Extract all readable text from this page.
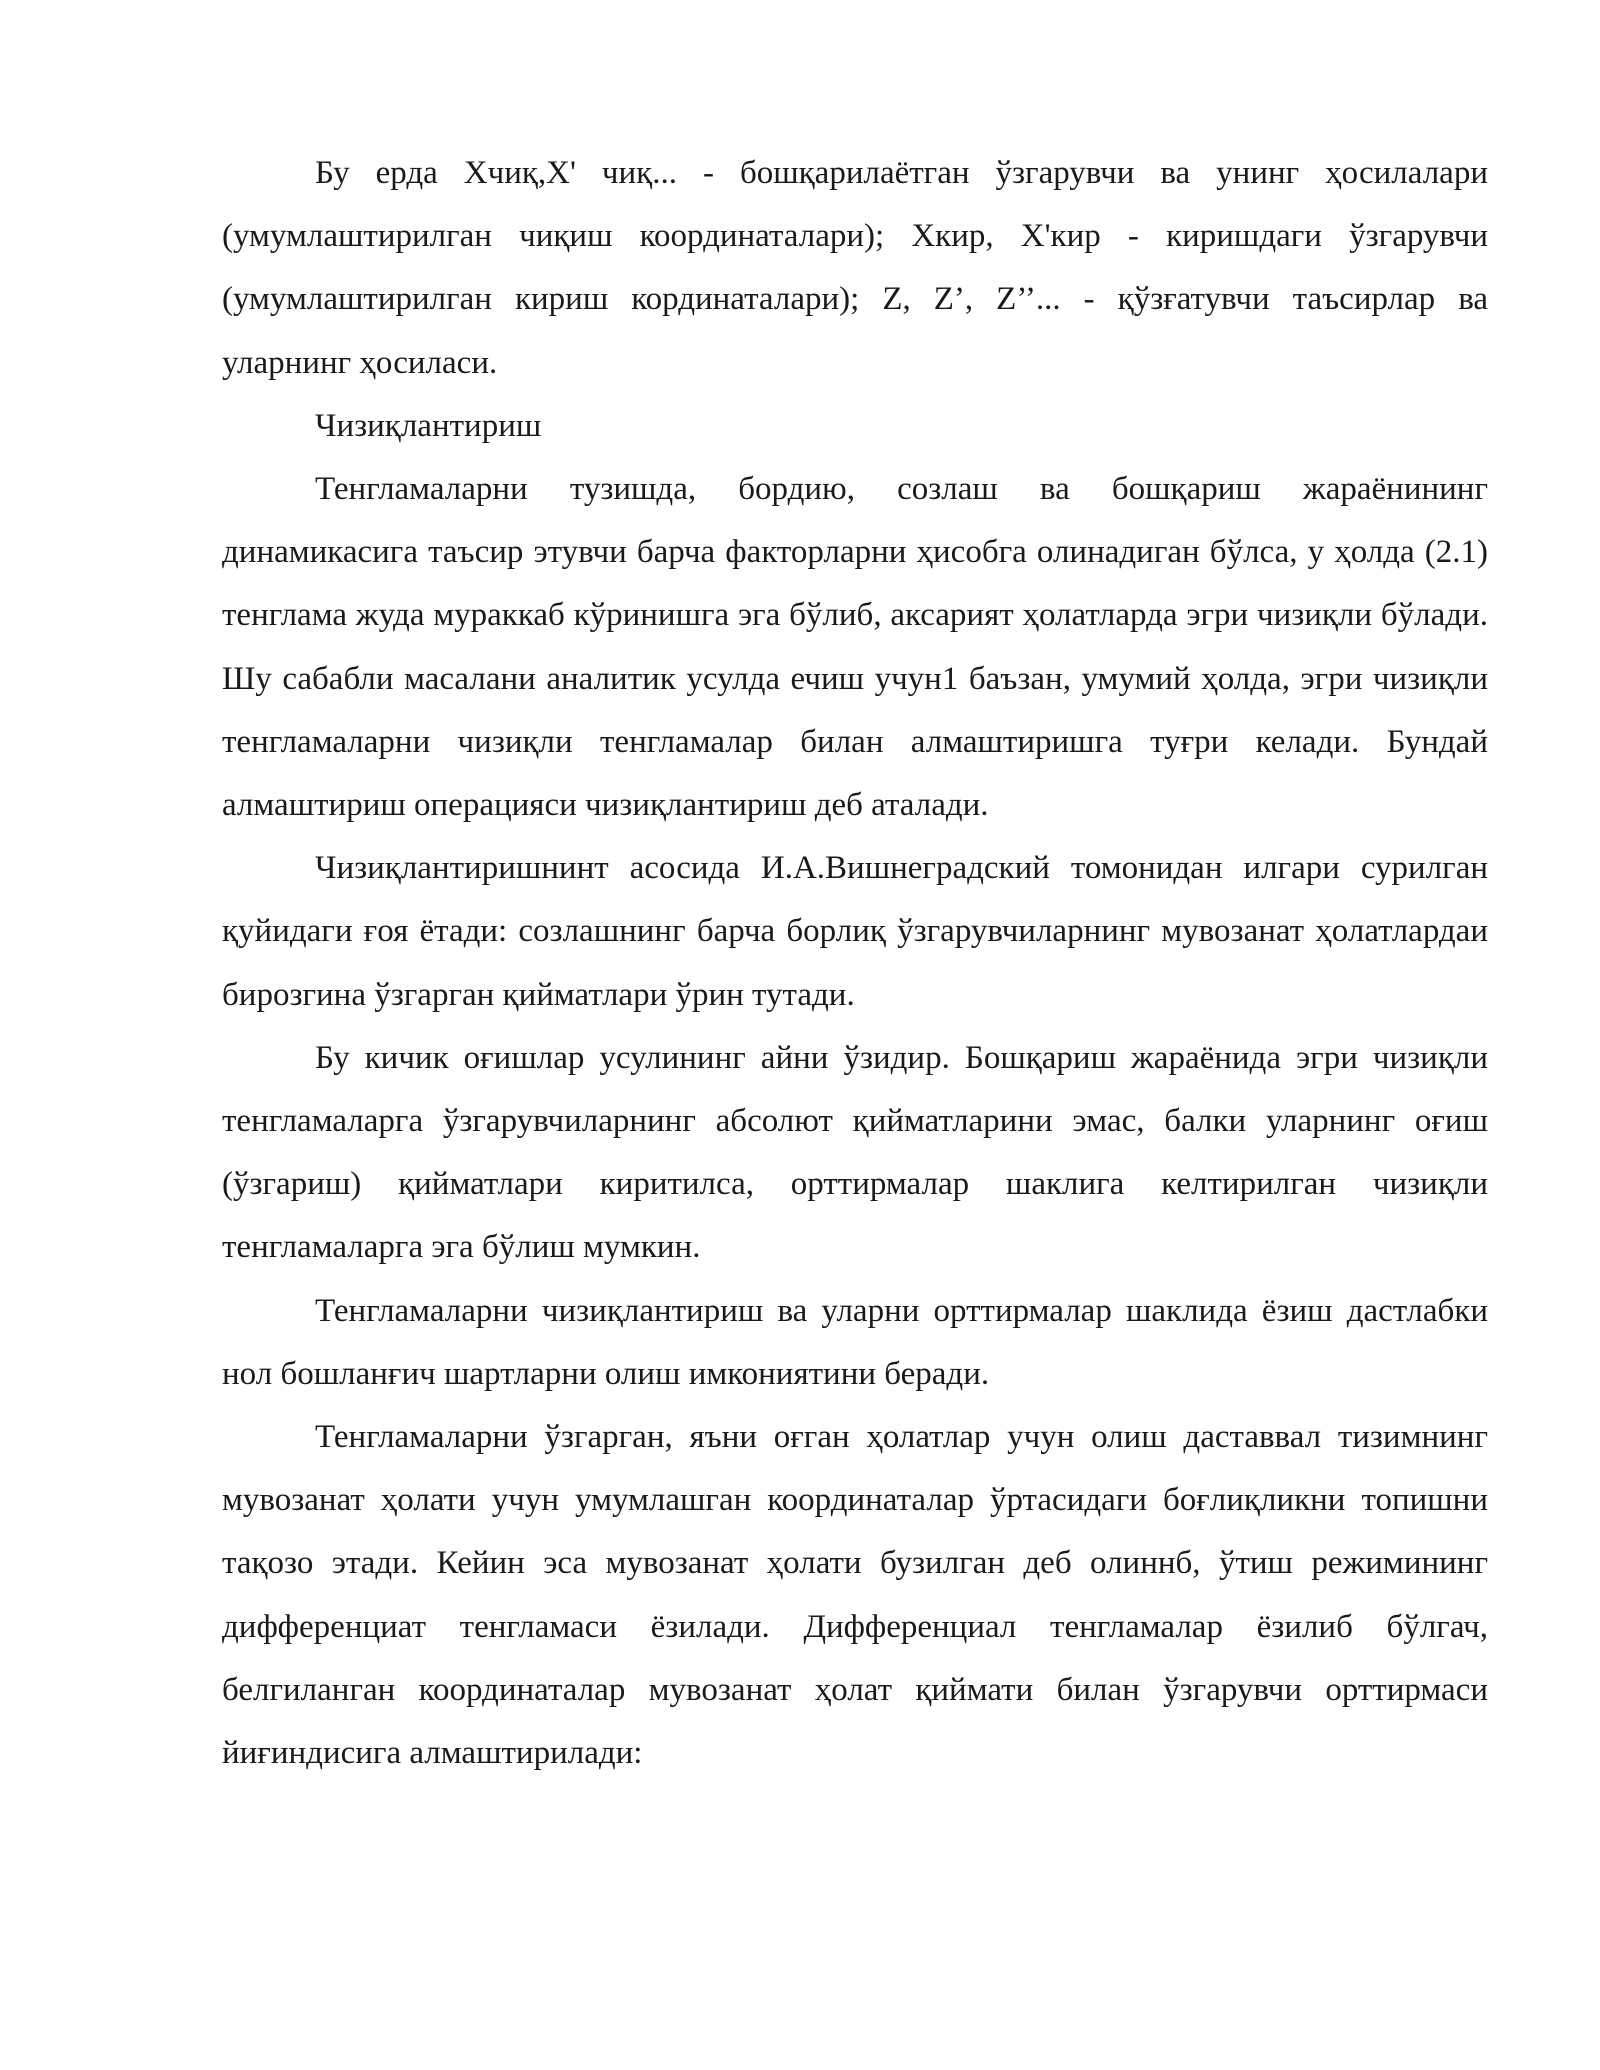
Бу ерда Xчиқ,X' чиқ... - бошқарилаётган ўзгарувчи ва унинг ҳосилалари (умумлаштирилган чиқиш координаталари); Xкир, X'кир - киришдаги ўзгарувчи (умумлаштирилган кириш кординаталари); Z, Z’, Z’’... - қўзғатувчи таъсирлар ва уларнинг ҳосиласи.

Чизиқлантириш

Тенгламаларни тузишда, бордию, созлаш ва бошқариш жараёнининг динамикасига таъсир этувчи барча факторларни ҳисобга олинадиган бўлса, у ҳолда (2.1) тенглама жуда мураккаб кўринишга эга бўлиб, аксарият ҳолатларда эгри чизиқли бўлади. Шу сабабли масалани аналитик усулда ечиш учун1 баъзан, умумий ҳолда, эгри чизиқли тенгламаларни чизиқли тенгламалар билан алмаштиришга туғри келади. Бундай алмаштириш операцияси чизиқлантириш деб аталади.

Чизиқлантиришнинт асосида И.А.Вишнеградский томонидан илгари сурилган қуйидаги ғоя ётади: созлашнинг барча борлиқ ўзгарувчиларнинг мувозанат ҳолатлардаи бирозгина ўзгарган қийматлари ўрин тутади.

Бу кичик оғишлар усулининг айни ўзидир. Бошқариш жараёнида эгри чизиқли тенгламаларга ўзгарувчиларнинг абсолют қийматларини эмас, балки уларнинг оғиш (ўзгариш) қийматлари киритилса, орттирмалар шаклига келтирилган чизиқли тенгламаларга эга бўлиш мумкин.

Тенгламаларни чизиқлантириш ва уларни орттирмалар шаклида ёзиш дастлабки нол бошланғич шартларни олиш имкониятини беради.

Тенгламаларни ўзгарган, яъни оғган ҳолатлар учун олиш даставвал тизимнинг мувозанат ҳолати учун умумлашган координаталар ўртасидаги боғлиқликни топишни тақозо этади. Кейин эса мувозанат ҳолати бузилган деб олиннб, ўтиш режимининг дифференциат тенгламаси ёзилади. Дифференциал тенгламалар ёзилиб бўлгач, белгиланган координаталар мувозанат ҳолат қиймати билан ўзгарувчи орттирмаси йиғиндисига алмаштирилади:
